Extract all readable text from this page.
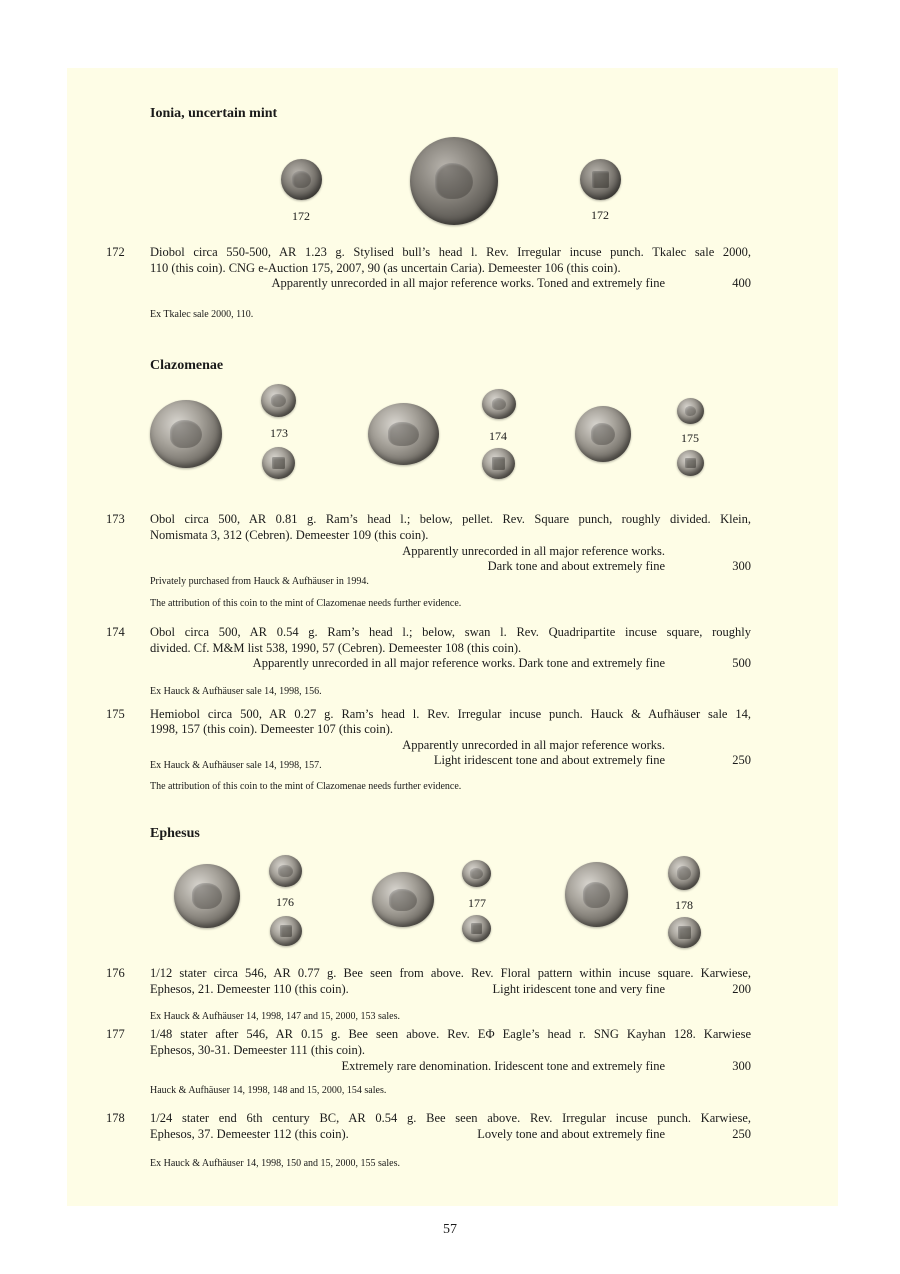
Ionia, uncertain mint
172	172
172 Diobol circa 550-500, AR 1.23 g. Stylised bull’s head l. Rev. Irregular incuse punch. Tkalec sale 2000,
110 (this coin). CNG e-Auction 175, 2007, 90 (as uncertain Caria). Demeester 106 (this coin).
Apparently unrecorded in all major reference works. Toned and extremely fine	400
Ex Tkalec sale 2000, 110.
Clazomenae
173	174	175
173 Obol circa 500, AR 0.81 g. Ram’s head l.; below, pellet. Rev. Square punch, roughly divided. Klein,
Nomismata 3, 312 (Cebren). Demeester 109 (this coin).
Apparently unrecorded in all major reference works.
Dark tone and about extremely fine	300
Privately purchased from Hauck & Aufhäuser in 1994.
The attribution of this coin to the mint of Clazomenae needs further evidence.
174 Obol circa 500, AR 0.54 g. Ram’s head l.; below, swan l. Rev. Quadripartite incuse square, roughly
divided. Cf. M&M list 538, 1990, 57 (Cebren). Demeester 108 (this coin).
Apparently unrecorded in all major reference works. Dark tone and extremely fine	500
Ex Hauck & Aufhäuser sale 14, 1998, 156.
175 Hemiobol circa 500, AR 0.27 g. Ram’s head l. Rev. Irregular incuse punch. Hauck & Aufhäuser sale 14,
1998, 157 (this coin). Demeester 107 (this coin).
Apparently unrecorded in all major reference works.
Ex Hauck & Aufhäuser sale 14, 1998, 157.	Light iridescent tone and about extremely fine	250
The attribution of this coin to the mint of Clazomenae needs further evidence.
Ephesus
176	177	178
176 1/12 stater circa 546, AR 0.77 g. Bee seen from above. Rev. Floral pattern within incuse square. Karwiese,
Ephesos, 21. Demeester 110 (this coin).	Light iridescent tone and very fine	200
Ex Hauck & Aufhäuser 14, 1998, 147 and 15, 2000, 153 sales.
177 1/48 stater after 546, AR 0.15 g. Bee seen above. Rev. ΕΦ Eagle’s head r. SNG Kayhan 128. Karwiese
Ephesos, 30-31. Demeester 111 (this coin).
Extremely rare denomination. Iridescent tone and extremely fine	300
Hauck & Aufhäuser 14, 1998, 148 and 15, 2000, 154 sales.
178 1/24 stater end 6th century BC, AR 0.54 g. Bee seen above. Rev. Irregular incuse punch. Karwiese,
Ephesos, 37. Demeester 112 (this coin).	Lovely tone and about extremely fine	250
Ex Hauck & Aufhäuser 14, 1998, 150 and 15, 2000, 155 sales.
57
